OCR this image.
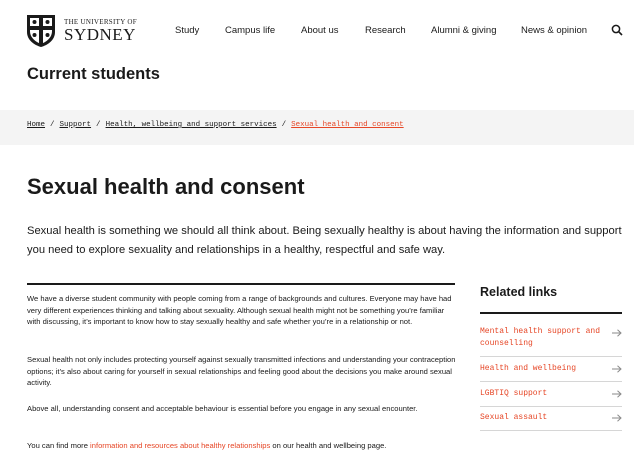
THE UNIVERSITY OF
SYDNEY	Study	Campus life	About us	Research	Alumni & giving	News & opinion
Current students
Home / Support / Health, wellbeing and support services / Sexual health and consent
Sexual health and consent

Sexual health is something we should all think about. Being sexually healthy is about having the information and support you need to explore sexuality and relationships in a healthy, respectful and safe way.

We have a diverse student community with people coming from a range of backgrounds and cultures. Everyone may have had very different experiences thinking and talking about sexuality. Although sexual health might not be something you’re familiar with discussing, it’s important to know how to stay sexually healthy and safe whether you’re in a relationship or not.

Sexual health not only includes protecting yourself against sexually transmitted infections and understanding your contraception options; it’s also about caring for yourself in sexual relationships and feeling good about the decisions you make around sexual activity.

Above all, understanding consent and acceptable behaviour is essential before you engage in any sexual encounter.

You can find more information and resources about healthy relationships on our health and wellbeing page.

Related links
Mental health support and counselling
Health and wellbeing
LGBTIQ support
Sexual assault
